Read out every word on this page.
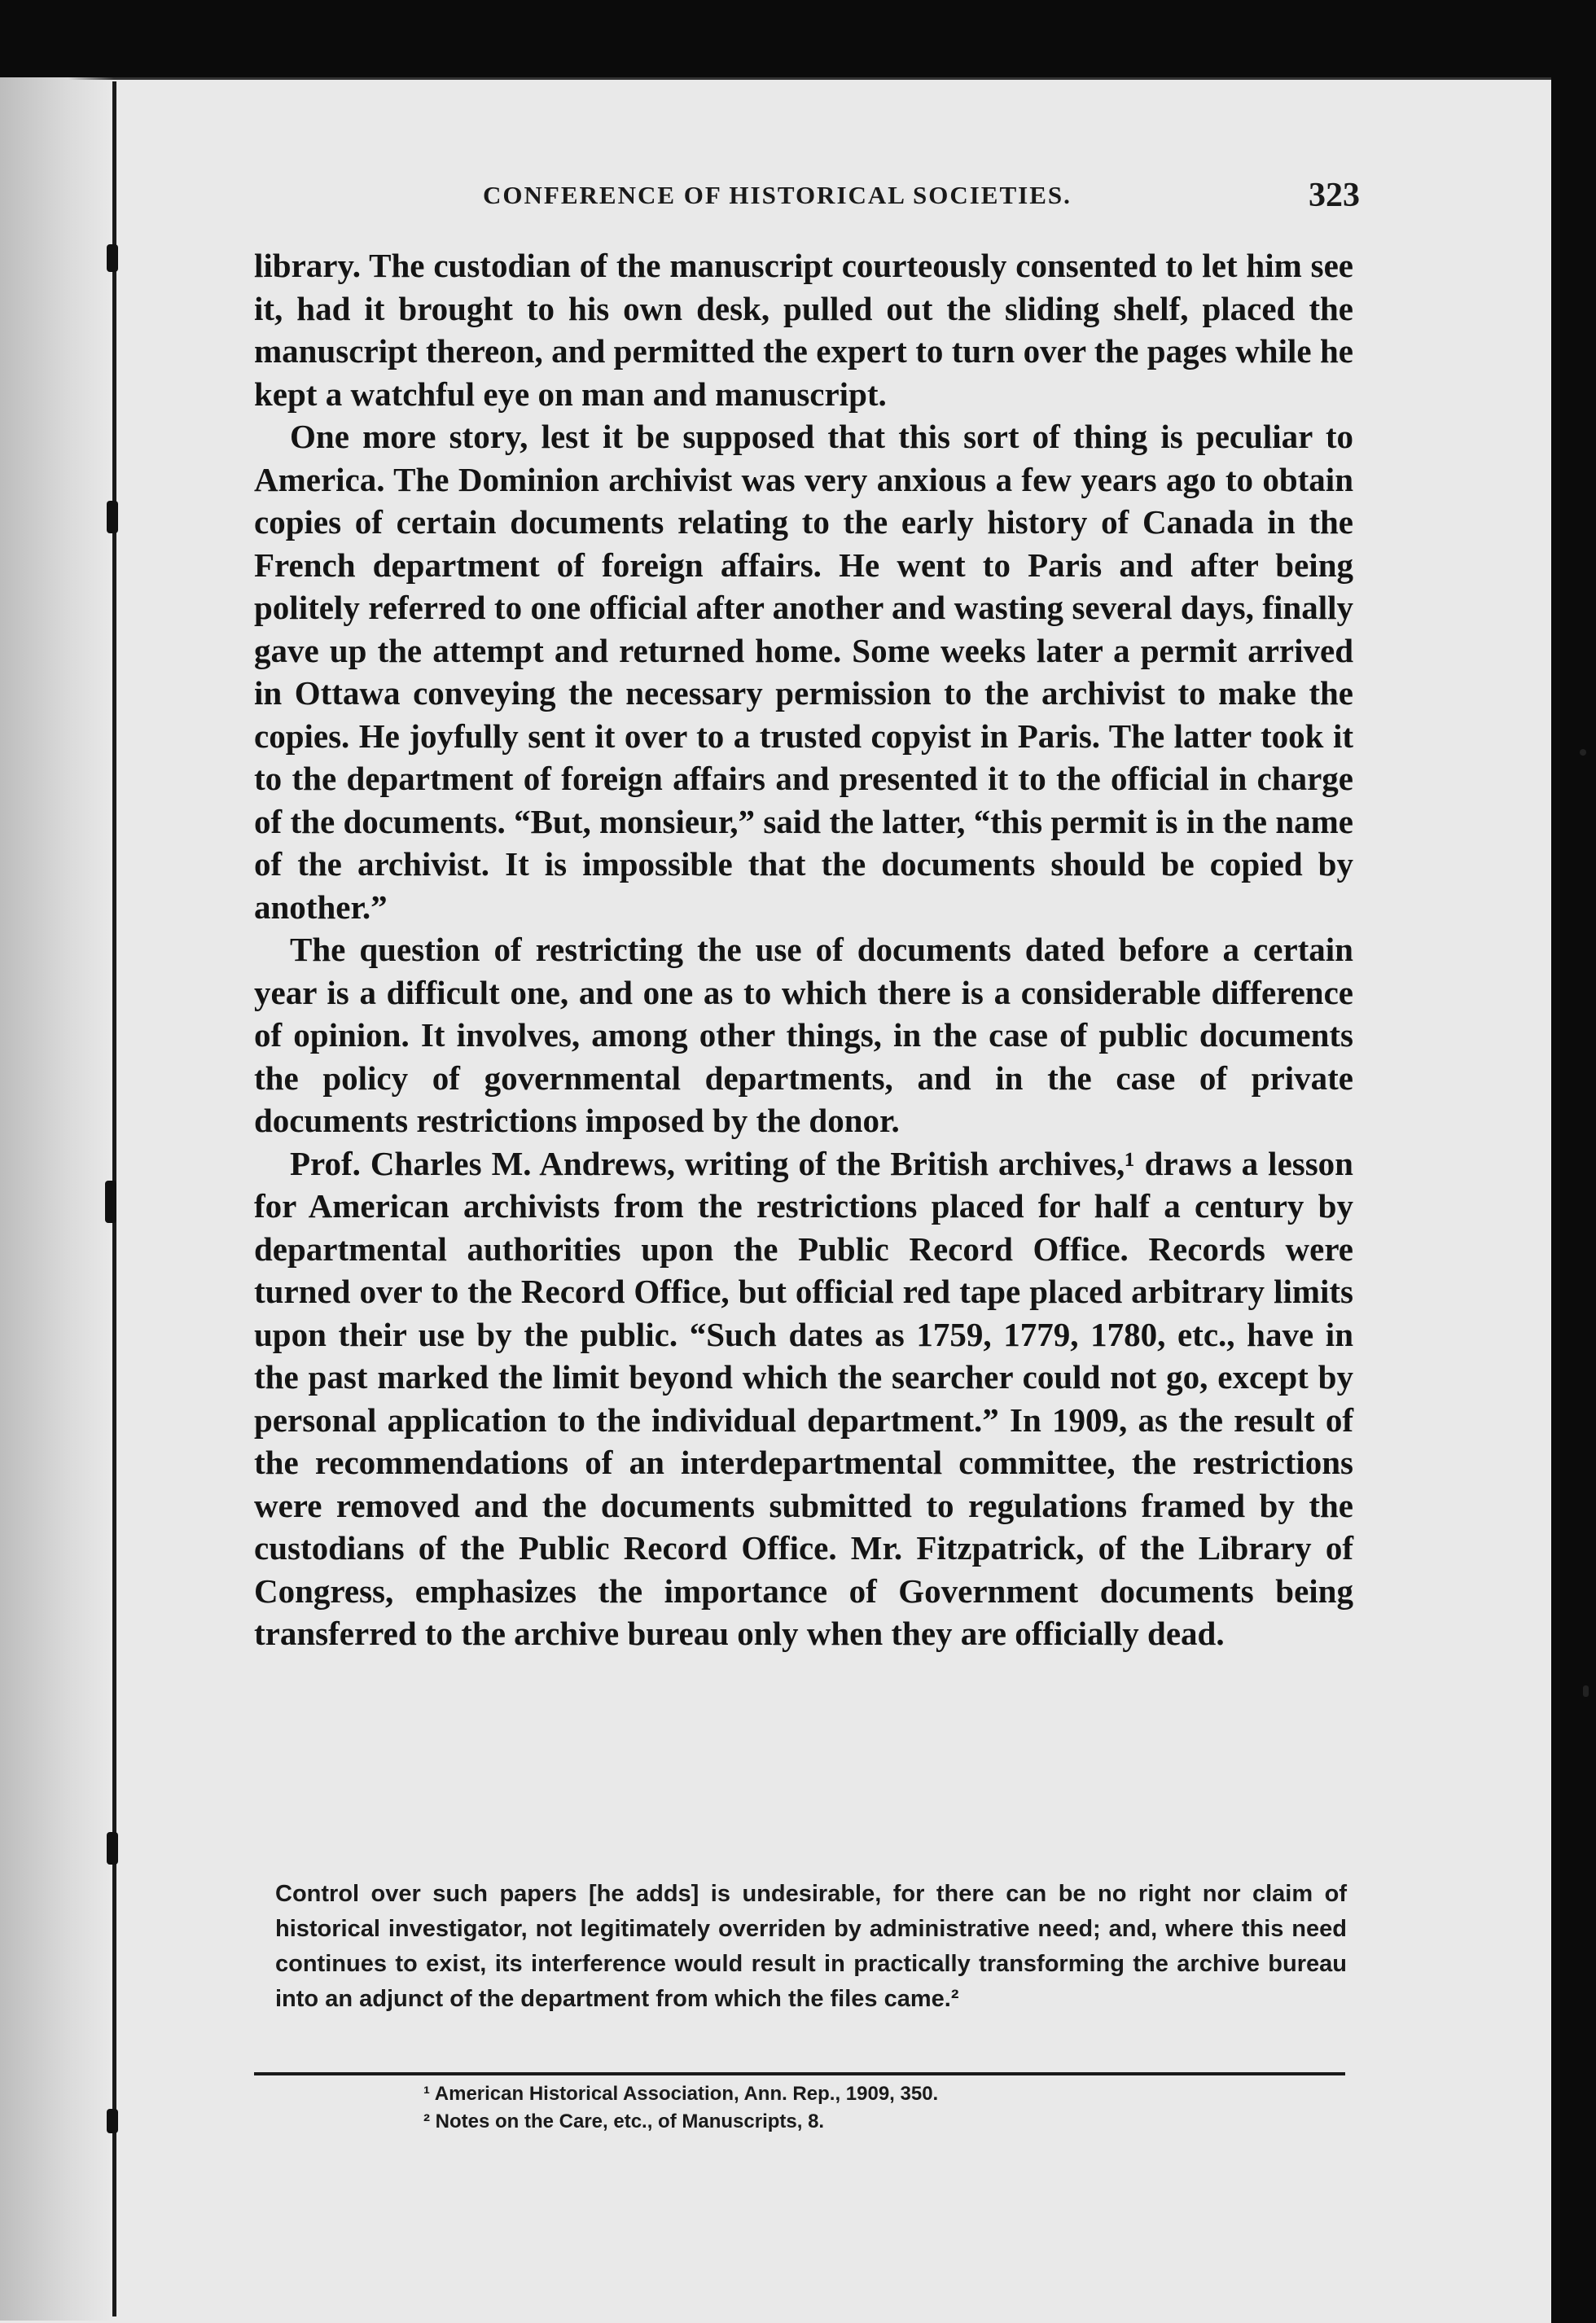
CONFERENCE OF HISTORICAL SOCIETIES.	323

library. The custodian of the manuscript courteously consented to let him see it, had it brought to his own desk, pulled out the sliding shelf, placed the manuscript thereon, and permitted the expert to turn over the pages while he kept a watchful eye on man and manuscript.

One more story, lest it be supposed that this sort of thing is peculiar to America. The Dominion archivist was very anxious a few years ago to obtain copies of certain documents relating to the early history of Canada in the French department of foreign affairs. He went to Paris and after being politely referred to one official after another and wasting several days, finally gave up the attempt and returned home. Some weeks later a permit arrived in Ottawa conveying the necessary permission to the archivist to make the copies. He joyfully sent it over to a trusted copyist in Paris. The latter took it to the department of foreign affairs and presented it to the official in charge of the documents. “But, monsieur,” said the latter, “this permit is in the name of the archivist. It is impossible that the documents should be copied by another.”

The question of restricting the use of documents dated before a certain year is a difficult one, and one as to which there is a considerable difference of opinion. It involves, among other things, in the case of public documents the policy of governmental departments, and in the case of private documents restrictions imposed by the donor.

Prof. Charles M. Andrews, writing of the British archives,¹ draws a lesson for American archivists from the restrictions placed for half a century by departmental authorities upon the Public Record Office. Records were turned over to the Record Office, but official red tape placed arbitrary limits upon their use by the public. “Such dates as 1759, 1779, 1780, etc., have in the past marked the limit beyond which the searcher could not go, except by personal application to the individual department.” In 1909, as the result of the recommendations of an interdepartmental committee, the restrictions were removed and the documents submitted to regulations framed by the custodians of the Public Record Office. Mr. Fitzpatrick, of the Library of Congress, emphasizes the importance of Government documents being transferred to the archive bureau only when they are officially dead.

Control over such papers [he adds] is undesirable, for there can be no right nor claim of historical investigator, not legitimately overriden by administrative need; and, where this need continues to exist, its interference would result in practically transforming the archive bureau into an adjunct of the department from which the files came.²

¹ American Historical Association, Ann. Rep., 1909, 350.

² Notes on the Care, etc., of Manuscripts, 8.
